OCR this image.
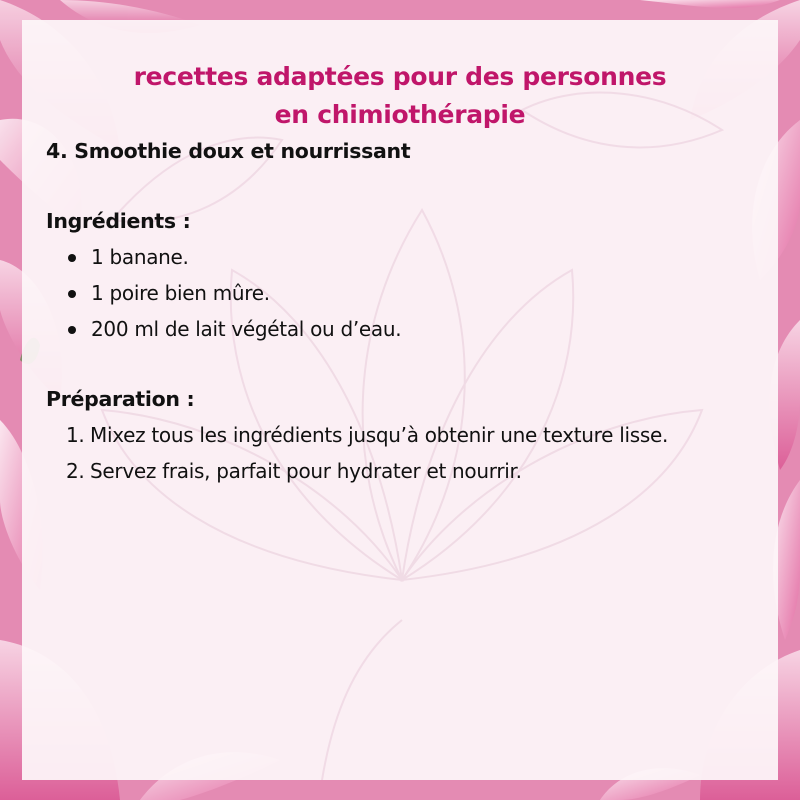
recettes adaptées pour des personnes
en chimiothérapie

4. Smoothie doux et nourrissant

Ingrédients :

1 banane.
1 poire bien mûre.
200 ml de lait végétal ou d’eau.

Préparation :

1. Mixez tous les ingrédients jusqu’à obtenir une texture lisse.
2. Servez frais, parfait pour hydrater et nourrir.
